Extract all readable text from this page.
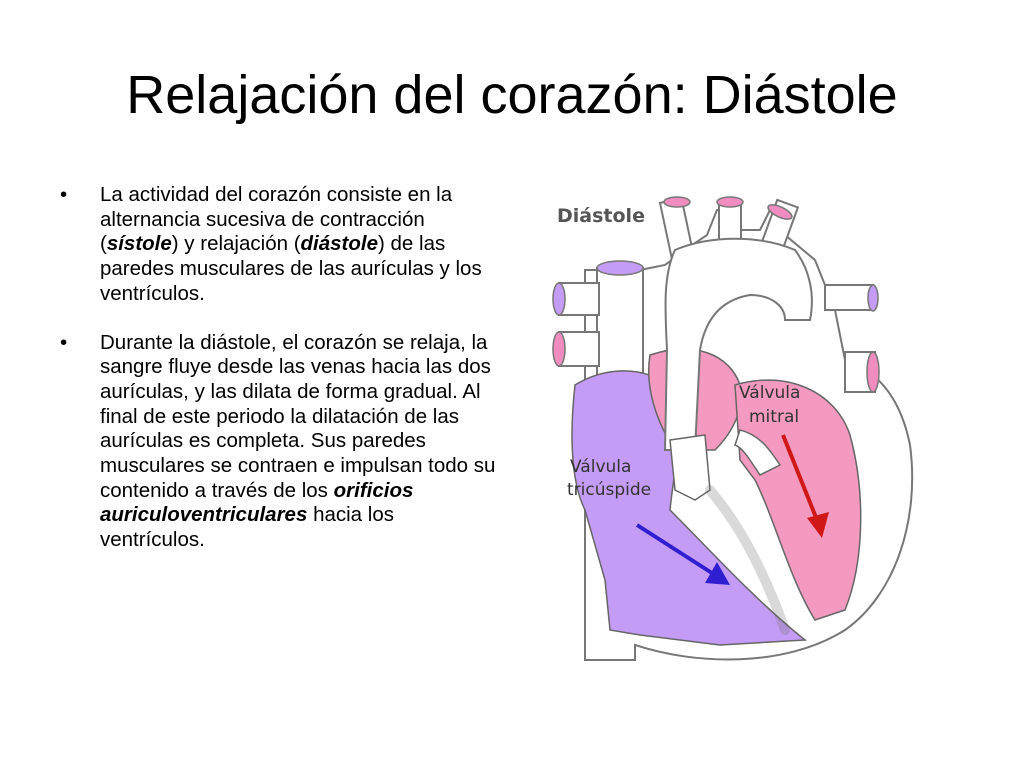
Relajación del corazón: Diástole
• La actividad del corazón consiste en la alternancia sucesiva de contracción (sístole) y relajación (diástole) de las paredes musculares de las aurículas y los ventrículos.
• Durante la diástole, el corazón se relaja, la sangre fluye desde las venas hacia las dos aurículas, y las dilata de forma gradual. Al final de este periodo la dilatación de las aurículas es completa. Sus paredes musculares se contraen e impulsan todo su contenido a través de los orificios auriculoventriculares hacia los ventrículos.
Diástole
Válvula
tricúspide
Válvula
mitral
